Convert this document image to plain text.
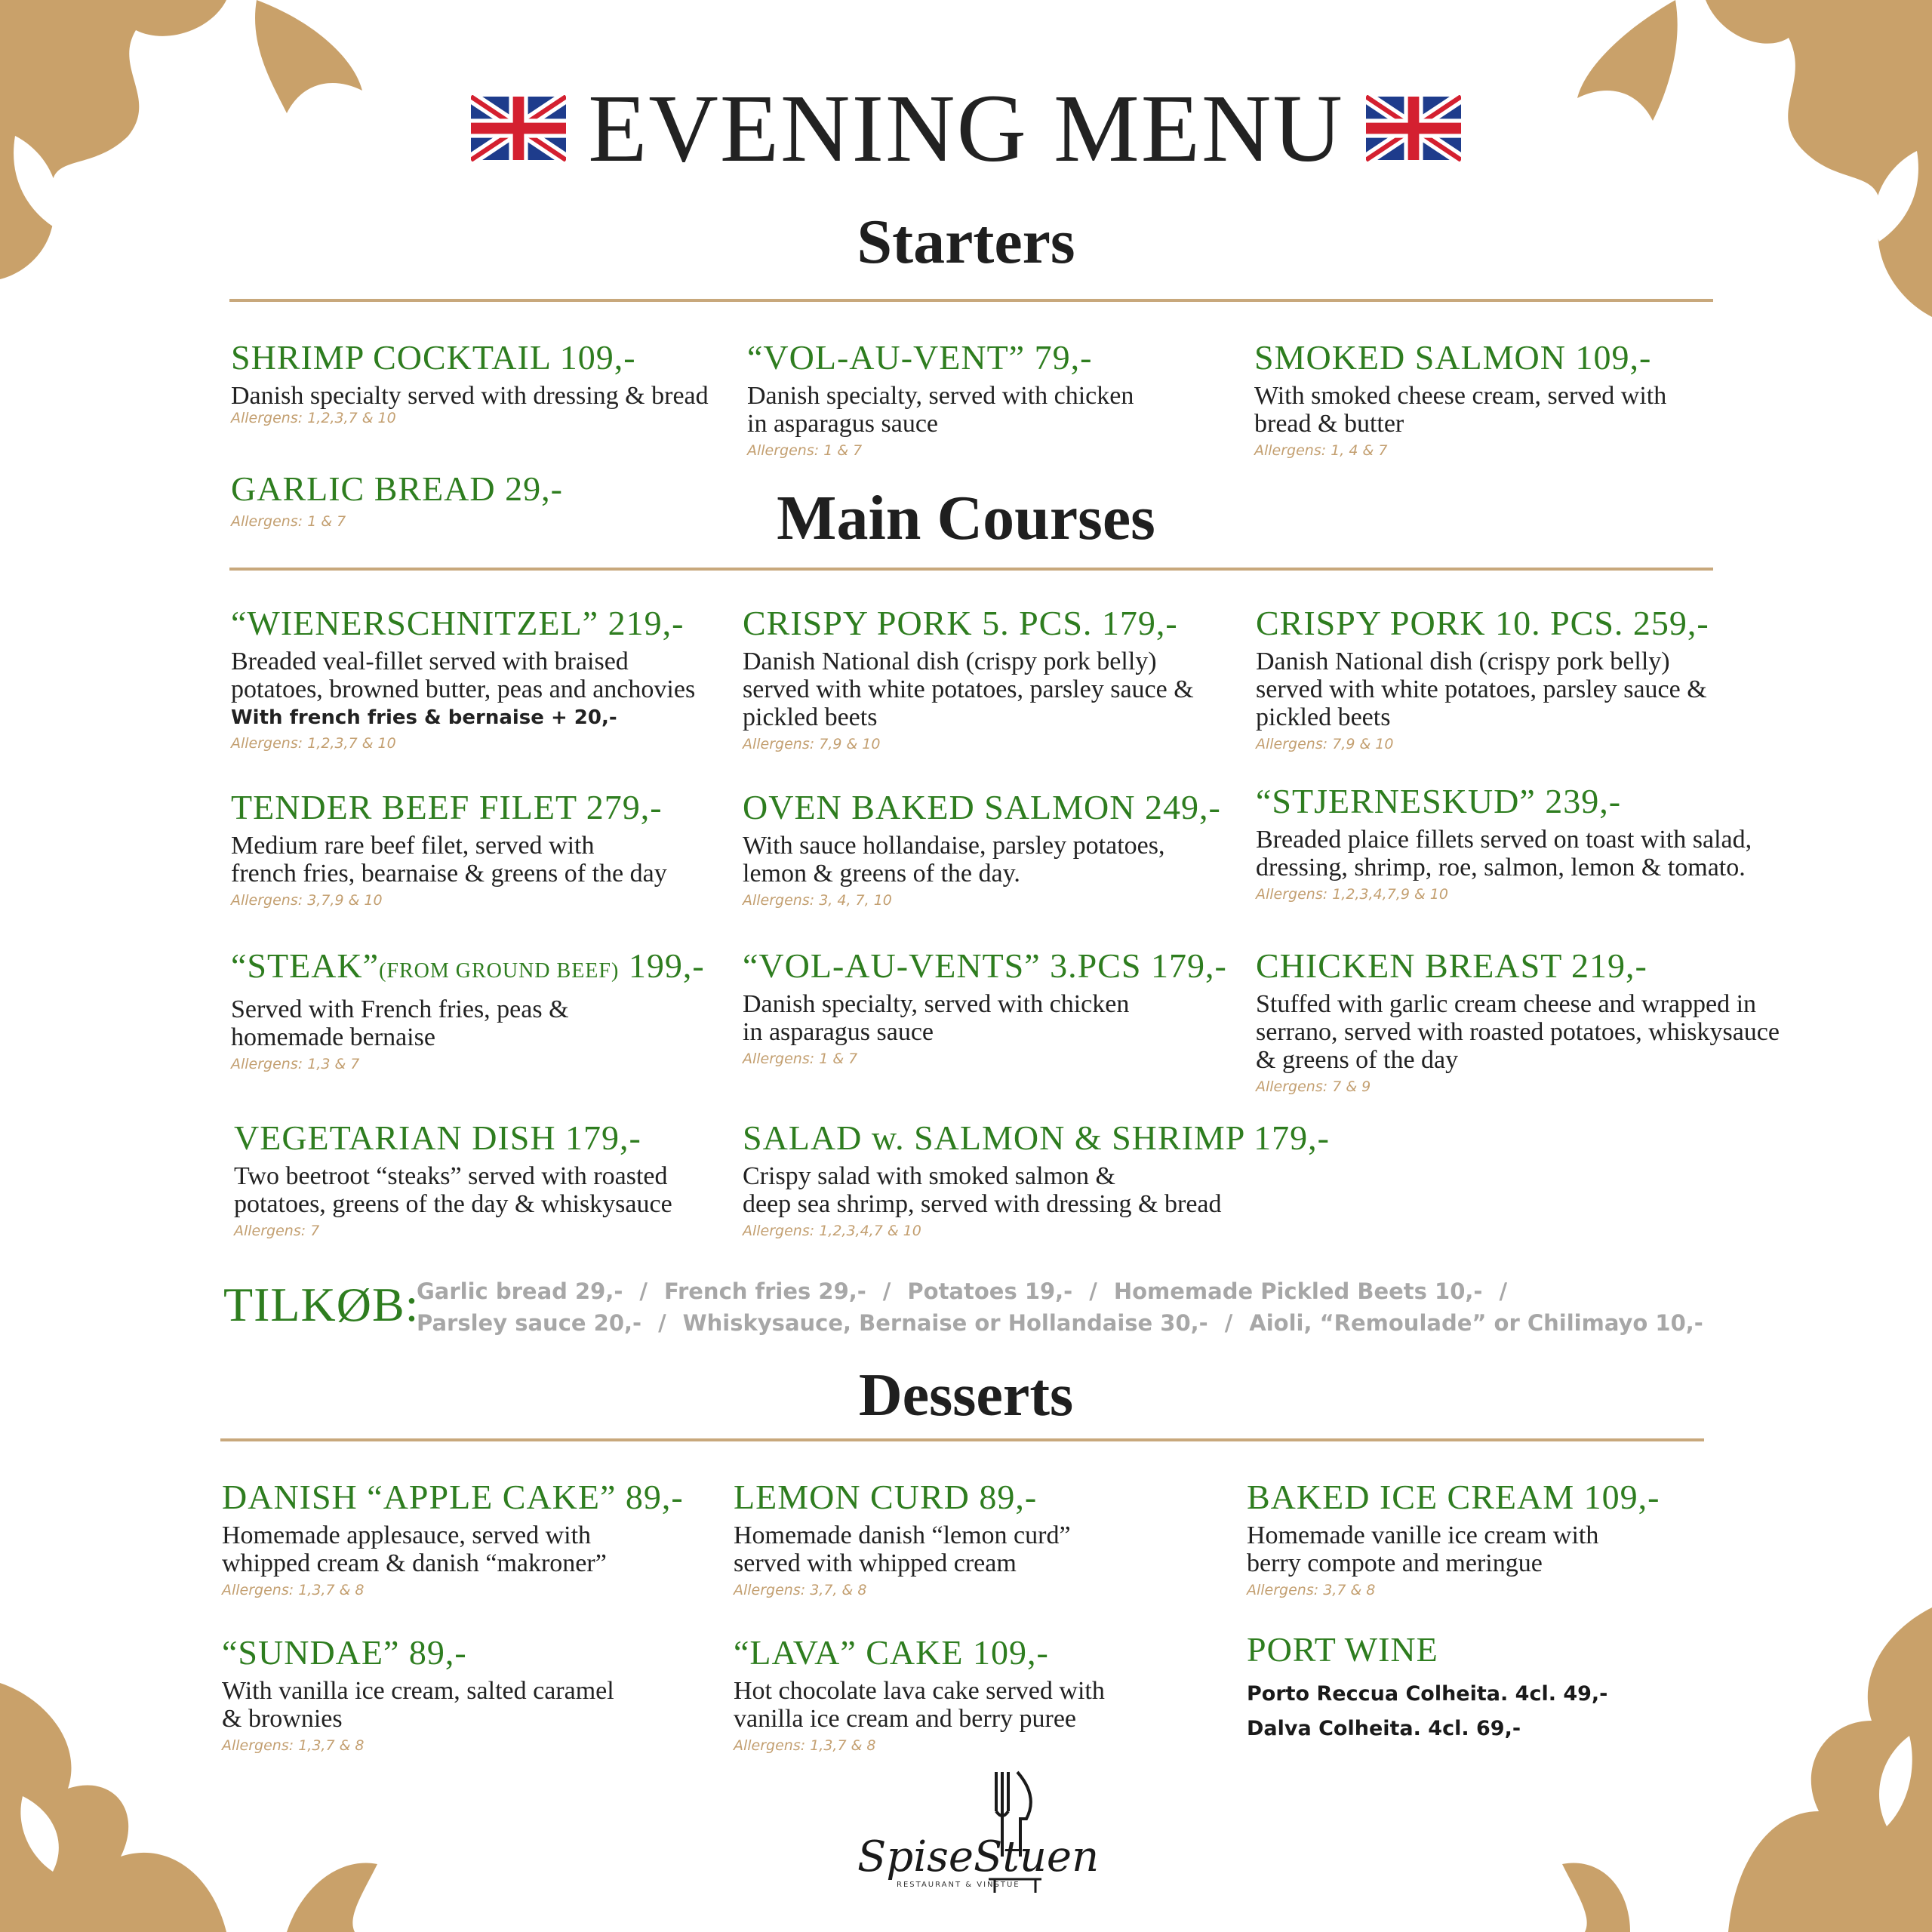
EVENING MENU
Starters
SHRIMP COCKTAIL 109,-
Danish specialty served with dressing & bread
Allergens: 1,2,3,7 & 10
“VOL-AU-VENT” 79,-
Danish specialty, served with chicken
in asparagus sauce
Allergens: 1 & 7
SMOKED SALMON 109,-
With smoked cheese cream, served with
bread & butter
Allergens: 1, 4 & 7
GARLIC BREAD 29,-
Allergens: 1 & 7	Main Courses
“WIENERSCHNITZEL” 219,-
Breaded veal-fillet served with braised
potatoes, browned butter, peas and anchovies
With french fries & bernaise + 20,-
Allergens: 1,2,3,7 & 10
CRISPY PORK 5. PCS. 179,-
Danish National dish (crispy pork belly)
served with white potatoes, parsley sauce &
pickled beets
Allergens: 7,9 & 10
CRISPY PORK 10. PCS. 259,-
Danish National dish (crispy pork belly)
served with white potatoes, parsley sauce &
pickled beets
Allergens: 7,9 & 10
TENDER BEEF FILET 279,-
Medium rare beef filet, served with
french fries, bearnaise & greens of the day
Allergens: 3,7,9 & 10
OVEN BAKED SALMON 249,-
With sauce hollandaise, parsley potatoes,
lemon & greens of the day.
Allergens: 3, 4, 7, 10
“STJERNESKUD” 239,-
Breaded plaice fillets served on toast with salad,
dressing, shrimp, roe, salmon, lemon & tomato.
Allergens: 1,2,3,4,7,9 & 10
“STEAK”(FROM GROUND BEEF) 199,-
Served with French fries, peas &
homemade bernaise
Allergens: 1,3 & 7
“VOL-AU-VENTS” 3.PCS 179,-
Danish specialty, served with chicken
in asparagus sauce
Allergens: 1 & 7
CHICKEN BREAST 219,-
Stuffed with garlic cream cheese and wrapped in
serrano, served with roasted potatoes, whiskysauce
& greens of the day
Allergens: 7 & 9
VEGETARIAN DISH 179,-
Two beetroot “steaks” served with roasted
potatoes, greens of the day & whiskysauce
Allergens: 7
SALAD w. SALMON & SHRIMP 179,-
Crispy salad with smoked salmon &
deep sea shrimp, served with dressing & bread
Allergens: 1,2,3,4,7 & 10
TILKØB:
Garlic bread 29,- / French fries 29,- / Potatoes 19,- / Homemade Pickled Beets 10,- /
Parsley sauce 20,- / Whiskysauce, Bernaise or Hollandaise 30,- / Aioli, “Remoulade” or Chilimayo 10,-
Desserts
DANISH “APPLE CAKE” 89,-
Homemade applesauce, served with
whipped cream & danish “makroner”
Allergens: 1,3,7 & 8
LEMON CURD 89,-
Homemade danish “lemon curd”
served with whipped cream
Allergens: 3,7, & 8
BAKED ICE CREAM 109,-
Homemade vanille ice cream with
berry compote and meringue
Allergens: 3,7 & 8
“SUNDAE” 89,-
With vanilla ice cream, salted caramel
& brownies
Allergens: 1,3,7 & 8
“LAVA” CAKE 109,-
Hot chocolate lava cake served with
vanilla ice cream and berry puree
Allergens: 1,3,7 & 8
PORT WINE
Porto Reccua Colheita. 4cl. 49,-
Dalva Colheita. 4cl. 69,-
SpiseStuen
RESTAURANT & VINSTUE
